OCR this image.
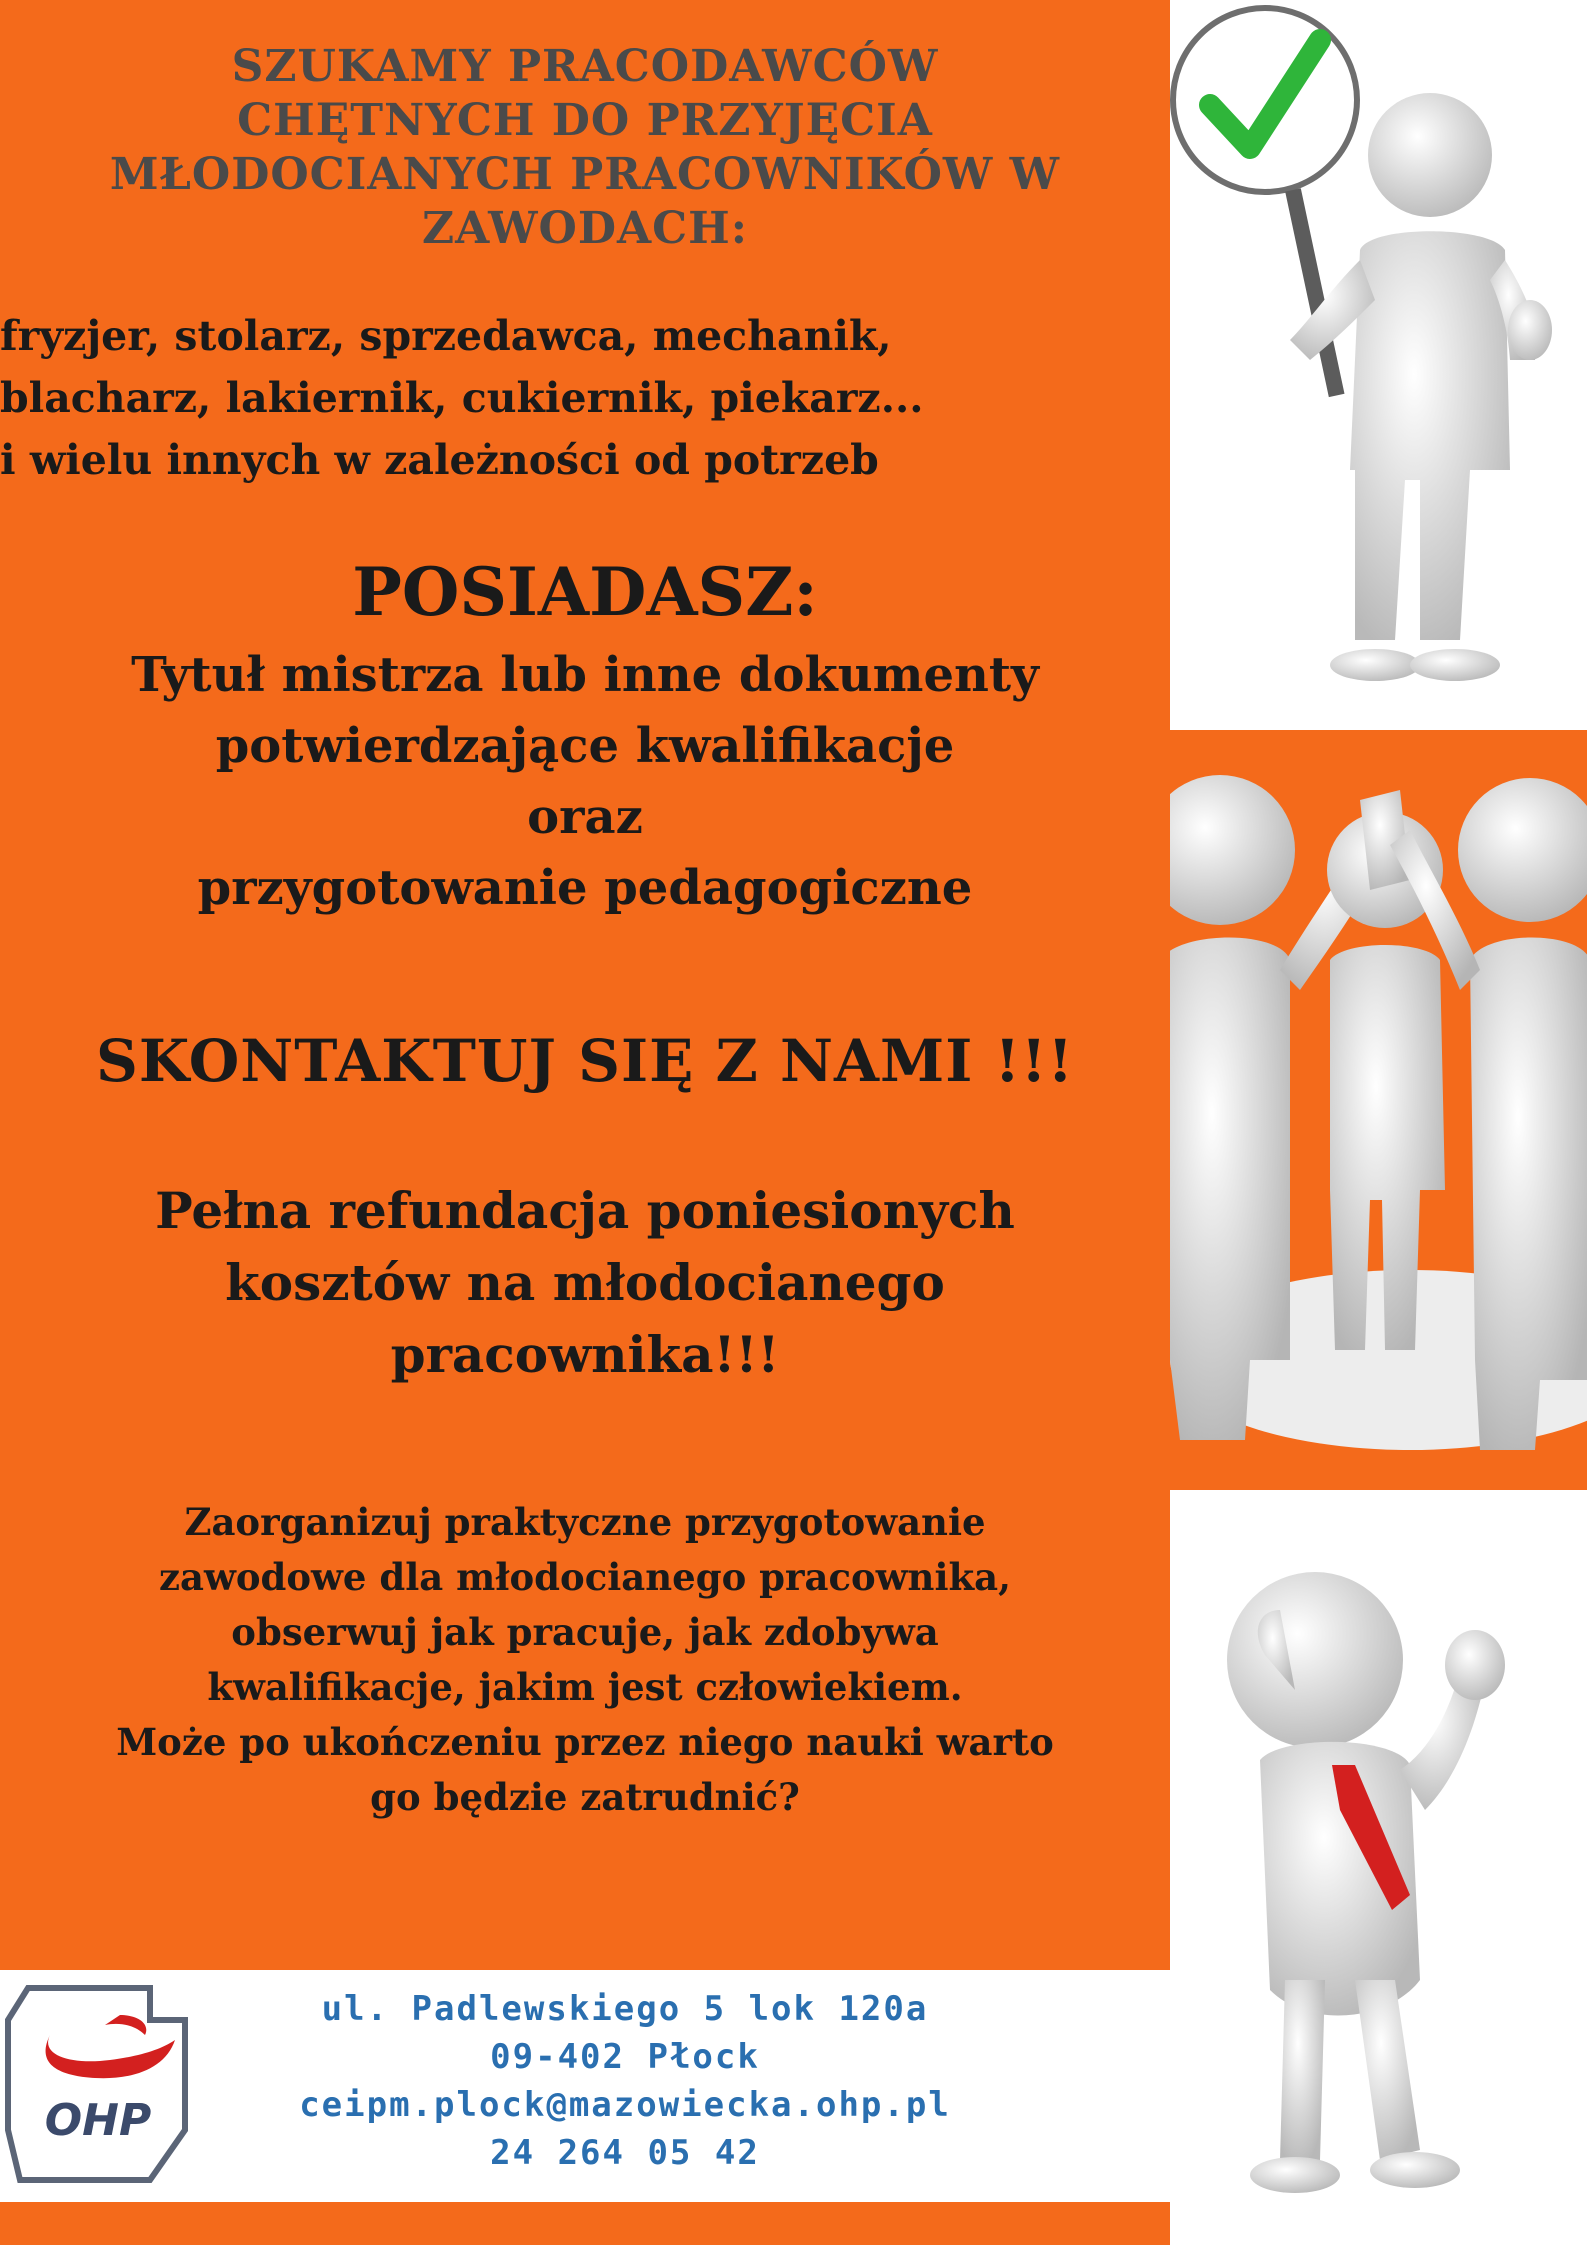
SZUKAMY PRACODAWCÓW
CHĘTNYCH DO PRZYJĘCIA
MŁODOCIANYCH PRACOWNIKÓW W
ZAWODACH:

fryzjer, stolarz, sprzedawca, mechanik,
blacharz, lakiernik, cukiernik, piekarz...
i wielu innych w zależności od potrzeb

POSIADASZ:

Tytuł mistrza lub inne dokumenty
potwierdzające kwalifikacje
oraz
przygotowanie pedagogiczne

SKONTAKTUJ SIĘ Z NAMI !!!

Pełna refundacja poniesionych
kosztów na młodocianego
pracownika!!!

Zaorganizuj praktyczne przygotowanie
zawodowe dla młodocianego pracownika,
obserwuj jak pracuje, jak zdobywa
kwalifikacje, jakim jest człowiekiem.
Może po ukończeniu przez niego nauki warto
go będzie zatrudnić?

OHP
ul. Padlewskiego 5 lok 120a
09-402 Płock
ceipm.plock@mazowiecka.ohp.pl
24 264 05 42
